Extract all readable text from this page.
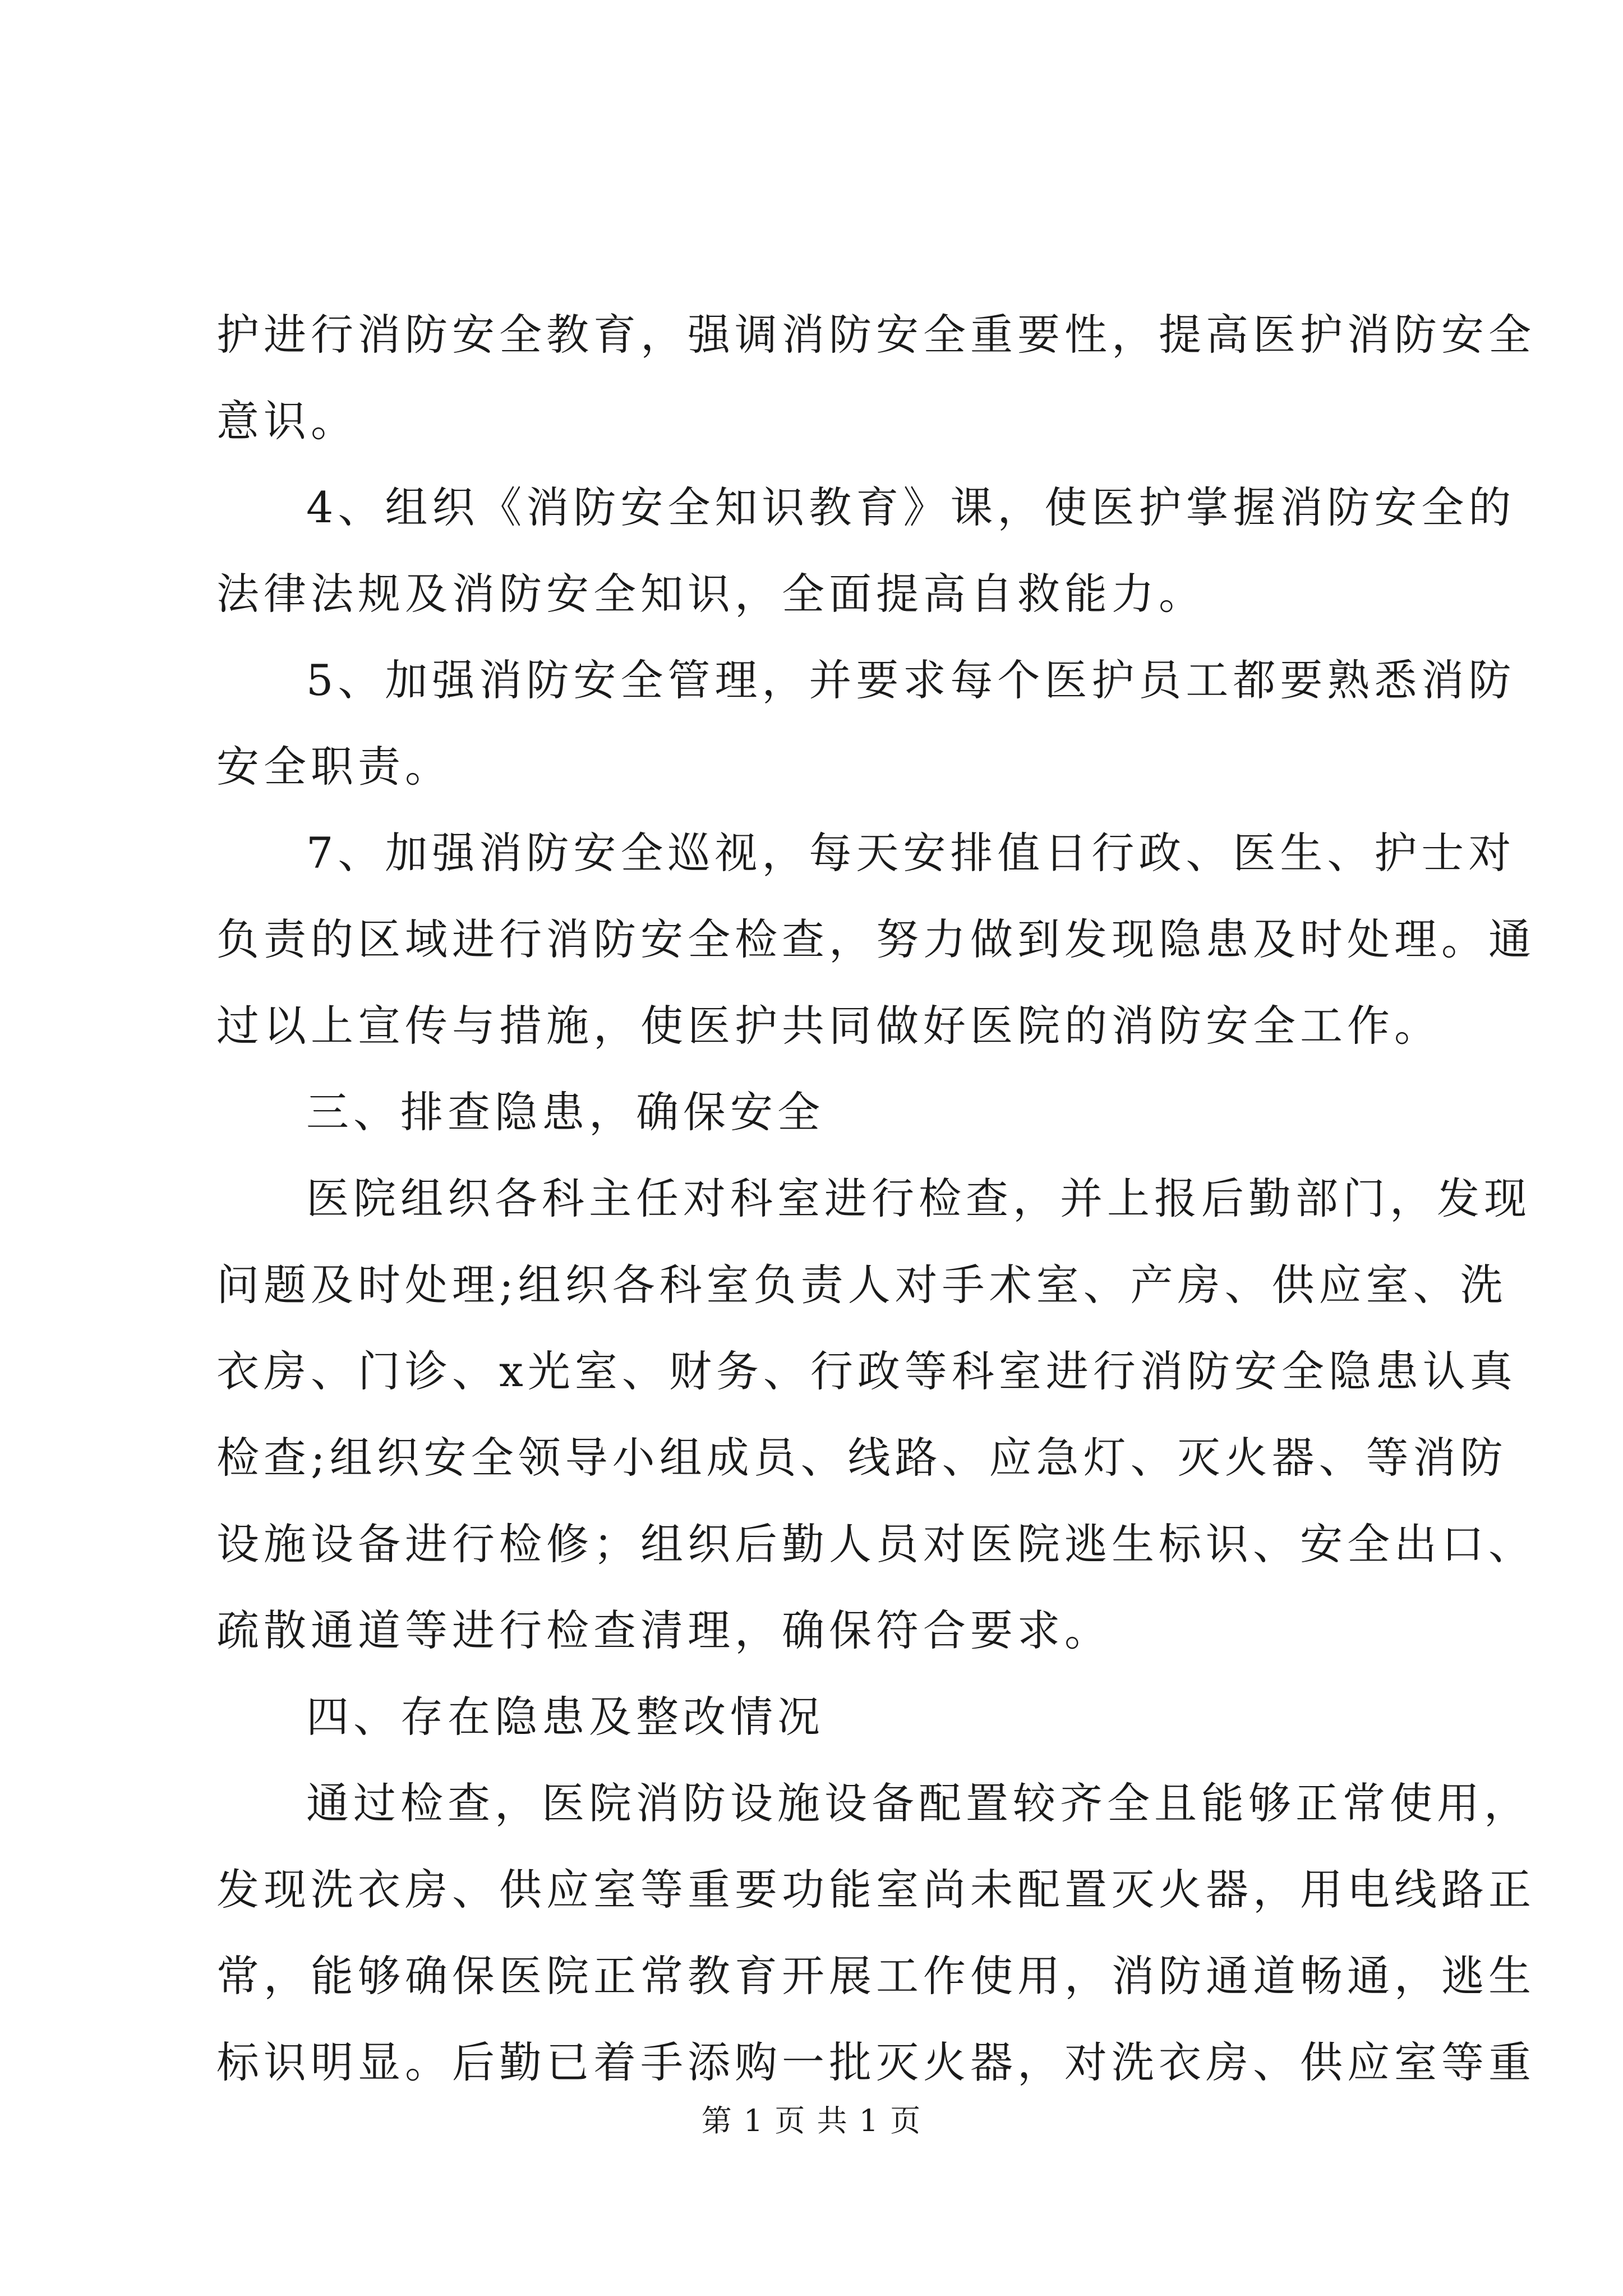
护进行消防安全教育，强调消防安全重要性，提高医护消防安全
意识。
4、组织《消防安全知识教育》课，使医护掌握消防安全的
法律法规及消防安全知识，全面提高自救能力。
5、加强消防安全管理，并要求每个医护员工都要熟悉消防
安全职责。
7、加强消防安全巡视，每天安排值日行政、医生、护士对
负责的区域进行消防安全检查，努力做到发现隐患及时处理。通
过以上宣传与措施，使医护共同做好医院的消防安全工作。
三、排查隐患，确保安全
医院组织各科主任对科室进行检查，并上报后勤部门，发现
问题及时处理;组织各科室负责人对手术室、产房、供应室、洗
衣房、门诊、x光室、财务、行政等科室进行消防安全隐患认真
检查;组织安全领导小组成员、线路、应急灯、灭火器、等消防
设施设备进行检修；组织后勤人员对医院逃生标识、安全出口、
疏散通道等进行检查清理，确保符合要求。
四、存在隐患及整改情况
通过检查，医院消防设施设备配置较齐全且能够正常使用，
发现洗衣房、供应室等重要功能室尚未配置灭火器，用电线路正
常，能够确保医院正常教育开展工作使用，消防通道畅通，逃生
标识明显。后勤已着手添购一批灭火器，对洗衣房、供应室等重
第 1 页 共 1 页
